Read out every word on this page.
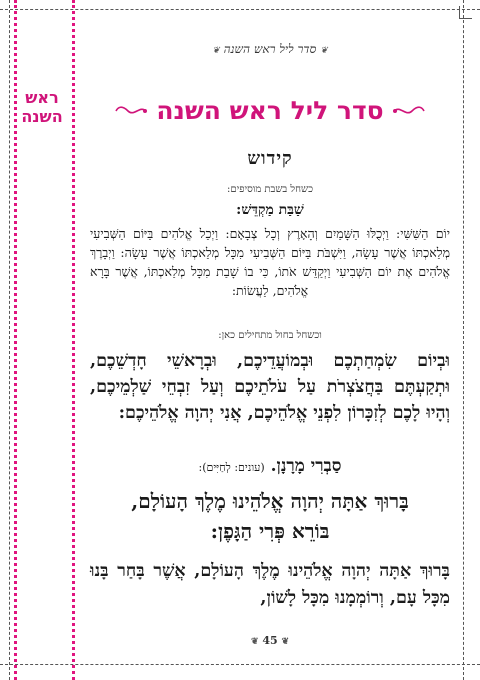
ראש
השנה
❦ סדר ליל ראש השנה ❦
סדר ליל ראש השנה
קידוש
כשחל בשבת מוסיפים:
שַׁבַּת מַקְדֵּשׁ:
יוֹם הַשִּׁשִּׁי: וַיְכֻלּוּ הַשָּׁמַיִם וְהָאָרֶץ וְכָל צְבָאָם: וַיְכַל אֱלֹהִים בַּיּוֹם הַשְּׁבִיעִי מְלַאכְתּוֹ אֲשֶׁר עָשָׂה, וַיִּשְׁבֹּת בַּיּוֹם הַשְּׁבִיעִי מִכָּל מְלַאכְתּוֹ אֲשֶׁר עָשָׂה: וַיְבָרֶךְ אֱלֹהִים אֶת יוֹם הַשְּׁבִיעִי וַיְקַדֵּשׁ אֹתוֹ, כִּי בוֹ שָׁבַת מִכָּל מְלַאכְתּוֹ, אֲשֶׁר בָּרָא אֱלֹהִים, לַעֲשׂוֹת:
וכשחל בחול מתחילים כאן:
וּבְיוֹם שִׂמְחַתְכֶם וּבְמוֹעֲדֵיכֶם, וּבְרָאשֵׁי חָדְשֵׁכֶם, וּתְקַעְתֶּם בַּחֲצֹצְרֹת עַל עֹלֹתֵיכֶם וְעַל זִבְחֵי שַׁלְמֵיכֶם, וְהָיוּ לָכֶם לְזִכָּרוֹן לִפְנֵי אֱלֹהֵיכֶם, אֲנִי יְהוָה אֱלֹהֵיכֶם:
סַבְרִי מָרָנָן. (עונים: לְחַיִּים):
בָּרוּךְ אַתָּה יְהוָה אֱלֹהֵינוּ מֶלֶךְ הָעוֹלָם,
בּוֹרֵא פְּרִי הַגָּפֶן:
בָּרוּךְ אַתָּה יְהוָה אֱלֹהֵינוּ מֶלֶךְ הָעוֹלָם, אֲשֶׁר בָּחַר בָּנוּ מִכָּל עָם, וְרוֹמְמָנוּ מִכָּל לָשׁוֹן,
❦ 45 ❦
